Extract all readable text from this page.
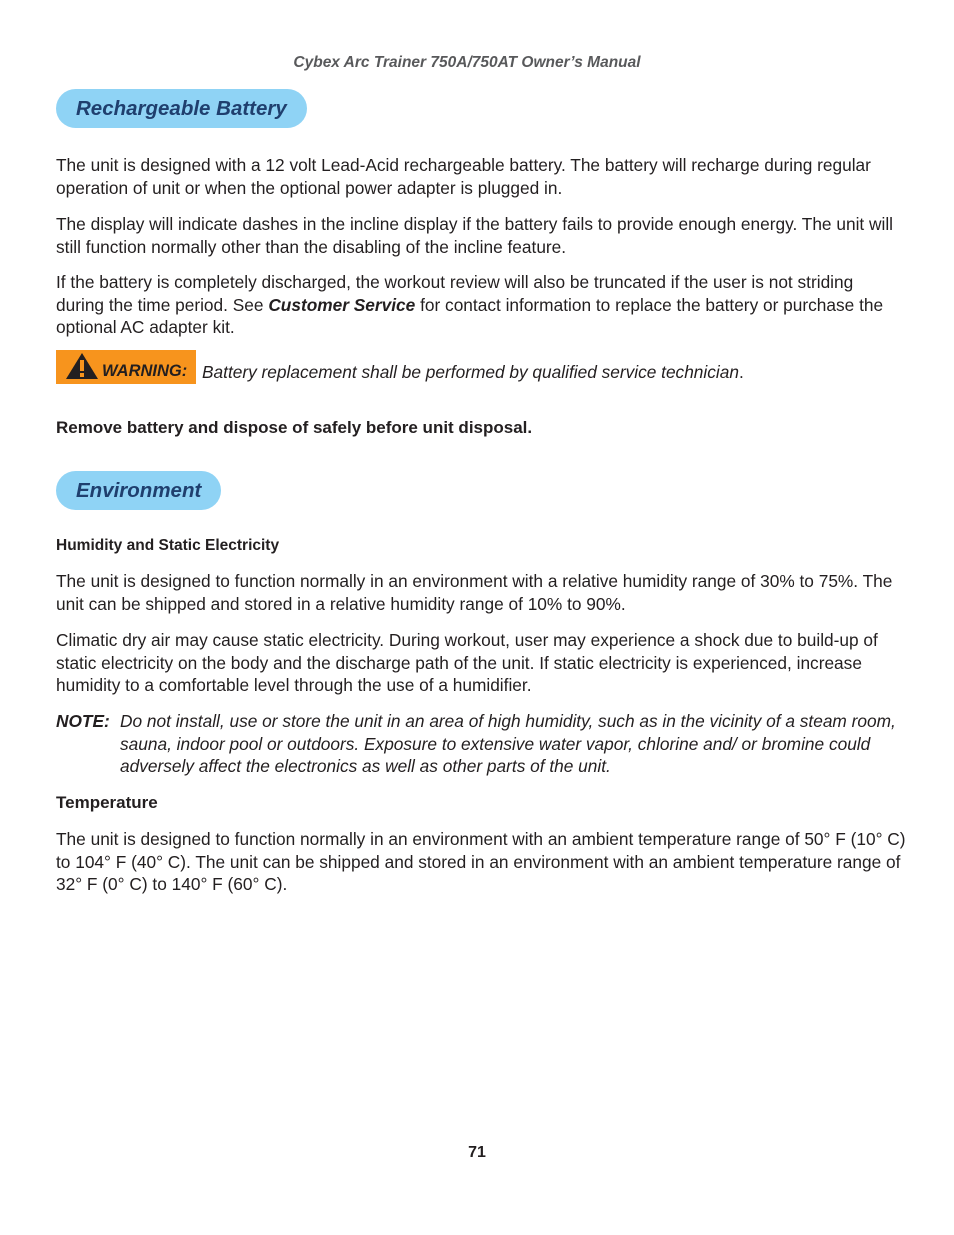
Cybex Arc Trainer 750A/750AT Owner’s Manual
Rechargeable Battery

The unit is designed with a 12 volt Lead-Acid rechargeable battery. The battery will recharge during regular operation of unit or when the optional power adapter is plugged in.

The display will indicate dashes in the incline display if the battery fails to provide enough energy. The unit will still function normally other than the disabling of the incline feature.

If the battery is completely discharged, the workout review will also be truncated if the user is not striding during the time period. See Customer Service for contact information to replace the battery or purchase the optional AC adapter kit.

WARNING: Battery replacement shall be performed by qualified service technician.

Remove battery and dispose of safely before unit disposal.

Environment

Humidity and Static Electricity

The unit is designed to function normally in an environment with a relative humidity range of 30% to 75%. The unit can be shipped and stored in a relative humidity range of 10% to 90%.

Climatic dry air may cause static electricity. During workout, user may experience a shock due to build-up of static electricity on the body and the discharge path of the unit. If static electricity is experienced, increase humidity to a comfortable level through the use of a humidifier.

NOTE: Do not install, use or store the unit in an area of high humidity, such as in the vicinity of a steam room, sauna, indoor pool or outdoors. Exposure to extensive water vapor, chlorine and/ or bromine could adversely affect the electronics as well as other parts of the unit.

Temperature

The unit is designed to function normally in an environment with an ambient temperature range of 50° F (10° C) to 104° F (40° C). The unit can be shipped and stored in an environment with an ambient temperature range of 32° F (0° C) to 140° F (60° C).

71
